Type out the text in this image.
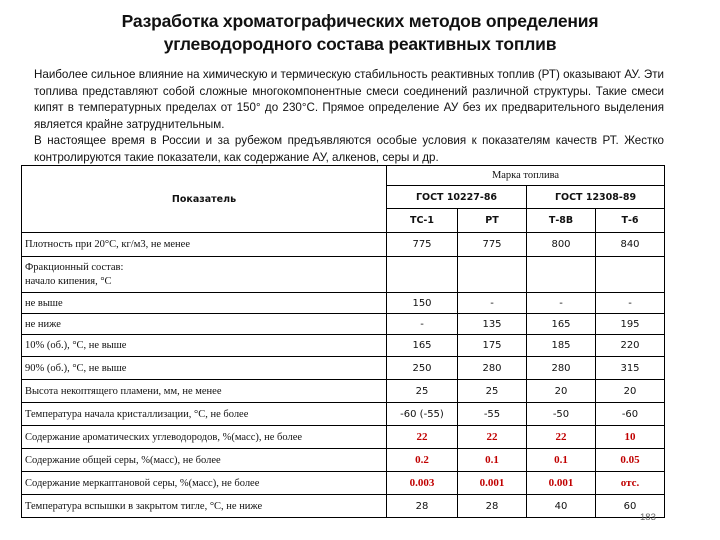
Разработка хроматографических методов определения
углеводородного состава реактивных топлив

Наиболее сильное влияние на химическую и термическую стабильность реактивных топлив (РТ) оказывают АУ. Эти топлива представляют собой сложные многокомпонентные смеси соединений различной структуры. Такие смеси кипят в температурных пределах от 150° до 230°С. Прямое определение АУ без их предварительного выделения является крайне затруднительным.

В настоящее время в России и за рубежом предъявляются особые условия к показателям качеств РТ. Жестко контролируются такие показатели, как содержание АУ, алкенов, серы и др.

Показатель	Марка топлива			
	ГОСТ 10227-86		ГОСТ 12308-89	
	ТС-1	РТ	Т-8В	Т-6
Плотность при 20°С, кг/м3, не менее	775	775	800	840
Фракционный состав:
начало кипения, °С				
не выше	150	-	-	-
не ниже	-	135	165	195
10% (об.), °С, не выше	165	175	185	220
90% (об.), °С, не выше	250	280	280	315
Высота некоптящего пламени, мм, не менее	25	25	20	20
Температура начала кристаллизации, °С, не более	-60 (-55)	-55	-50	-60
Содержание ароматических углеводородов, %(масс), не более	22	22	22	10
Содержание общей серы, %(масс), не более	0.2	0.1	0.1	0.05
Содержание меркаптановой серы, %(масс), не более	0.003	0.001	0.001	отс.
Температура вспышки в закрытом тигле, °С, не ниже	28	28	40	60
183
